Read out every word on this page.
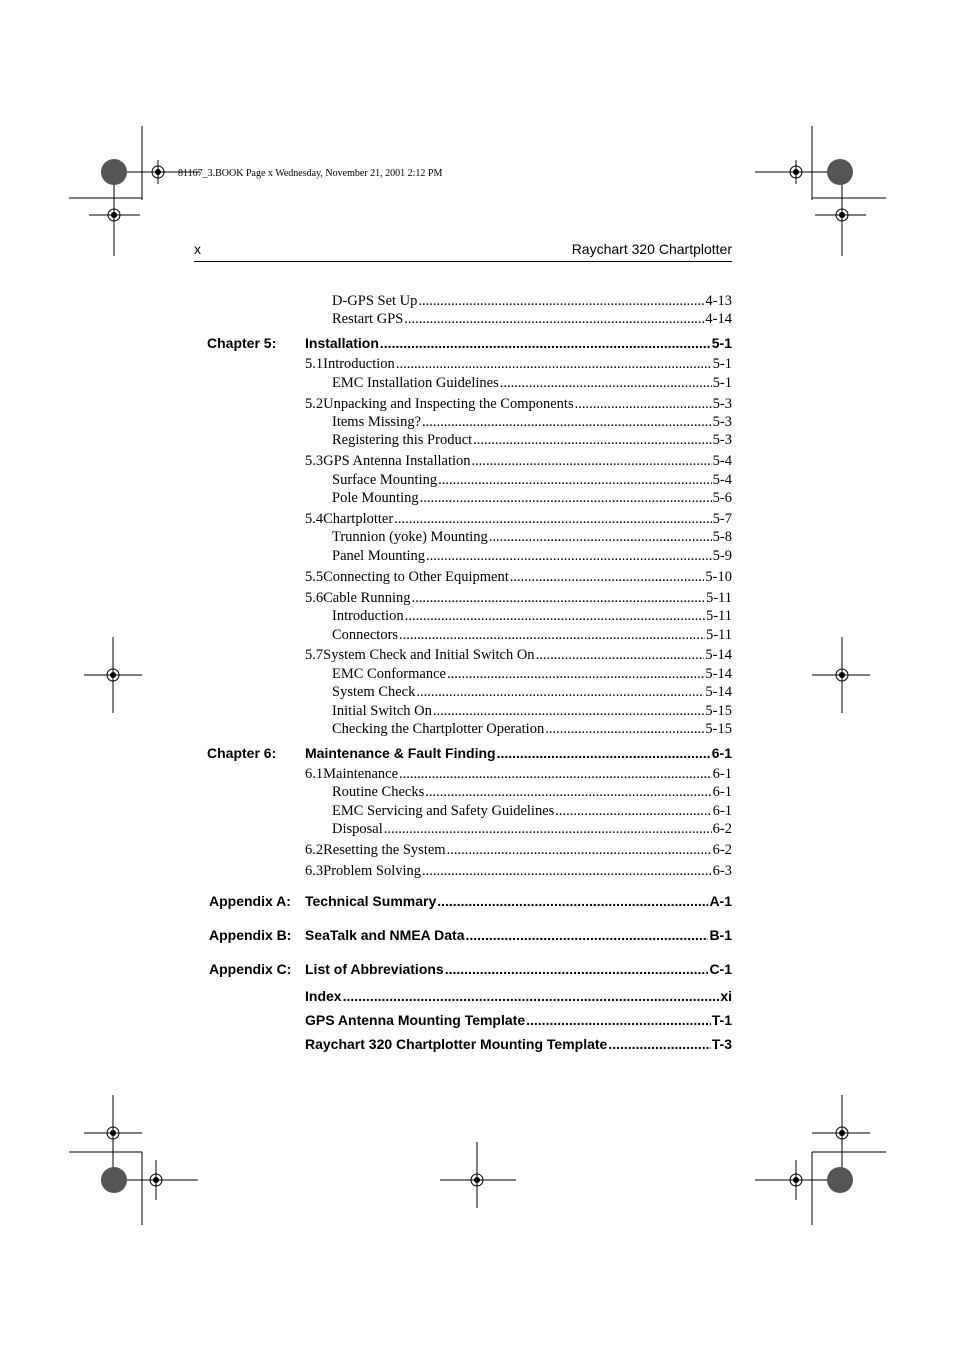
81167_3.BOOK Page x Wednesday, November 21, 2001 2:12 PM
x	Raychart 320 Chartplotter
D-GPS Set Up .....	4-13
Restart GPS .....	4-14
Chapter 5: Installation .....	5-1
5.1 Introduction .....	5-1
EMC Installation Guidelines .....	5-1
5.2 Unpacking and Inspecting the Components .....	5-3
Items Missing? .....	5-3
Registering this Product .....	5-3
5.3 GPS Antenna Installation .....	5-4
Surface Mounting .....	5-4
Pole Mounting .....	5-6
5.4 Chartplotter .....	5-7
Trunnion (yoke) Mounting .....	5-8
Panel Mounting .....	5-9
5.5 Connecting to Other Equipment .....	5-10
5.6 Cable Running .....	5-11
Introduction .....	5-11
Connectors .....	5-11
5.7 System Check and Initial Switch On .....	5-14
EMC Conformance .....	5-14
System Check .....	5-14
Initial Switch On .....	5-15
Checking the Chartplotter Operation .....	5-15
Chapter 6: Maintenance & Fault Finding .....	6-1
6.1 Maintenance .....	6-1
Routine Checks .....	6-1
EMC Servicing and Safety Guidelines .....	6-1
Disposal .....	6-2
6.2 Resetting the System .....	6-2
6.3 Problem Solving .....	6-3
Appendix A: Technical Summary .....	A-1
Appendix B: SeaTalk and NMEA Data .....	B-1
Appendix C: List of Abbreviations .....	C-1
Index .....	xi
GPS Antenna Mounting Template .....	T-1
Raychart 320 Chartplotter Mounting Template .....	T-3
